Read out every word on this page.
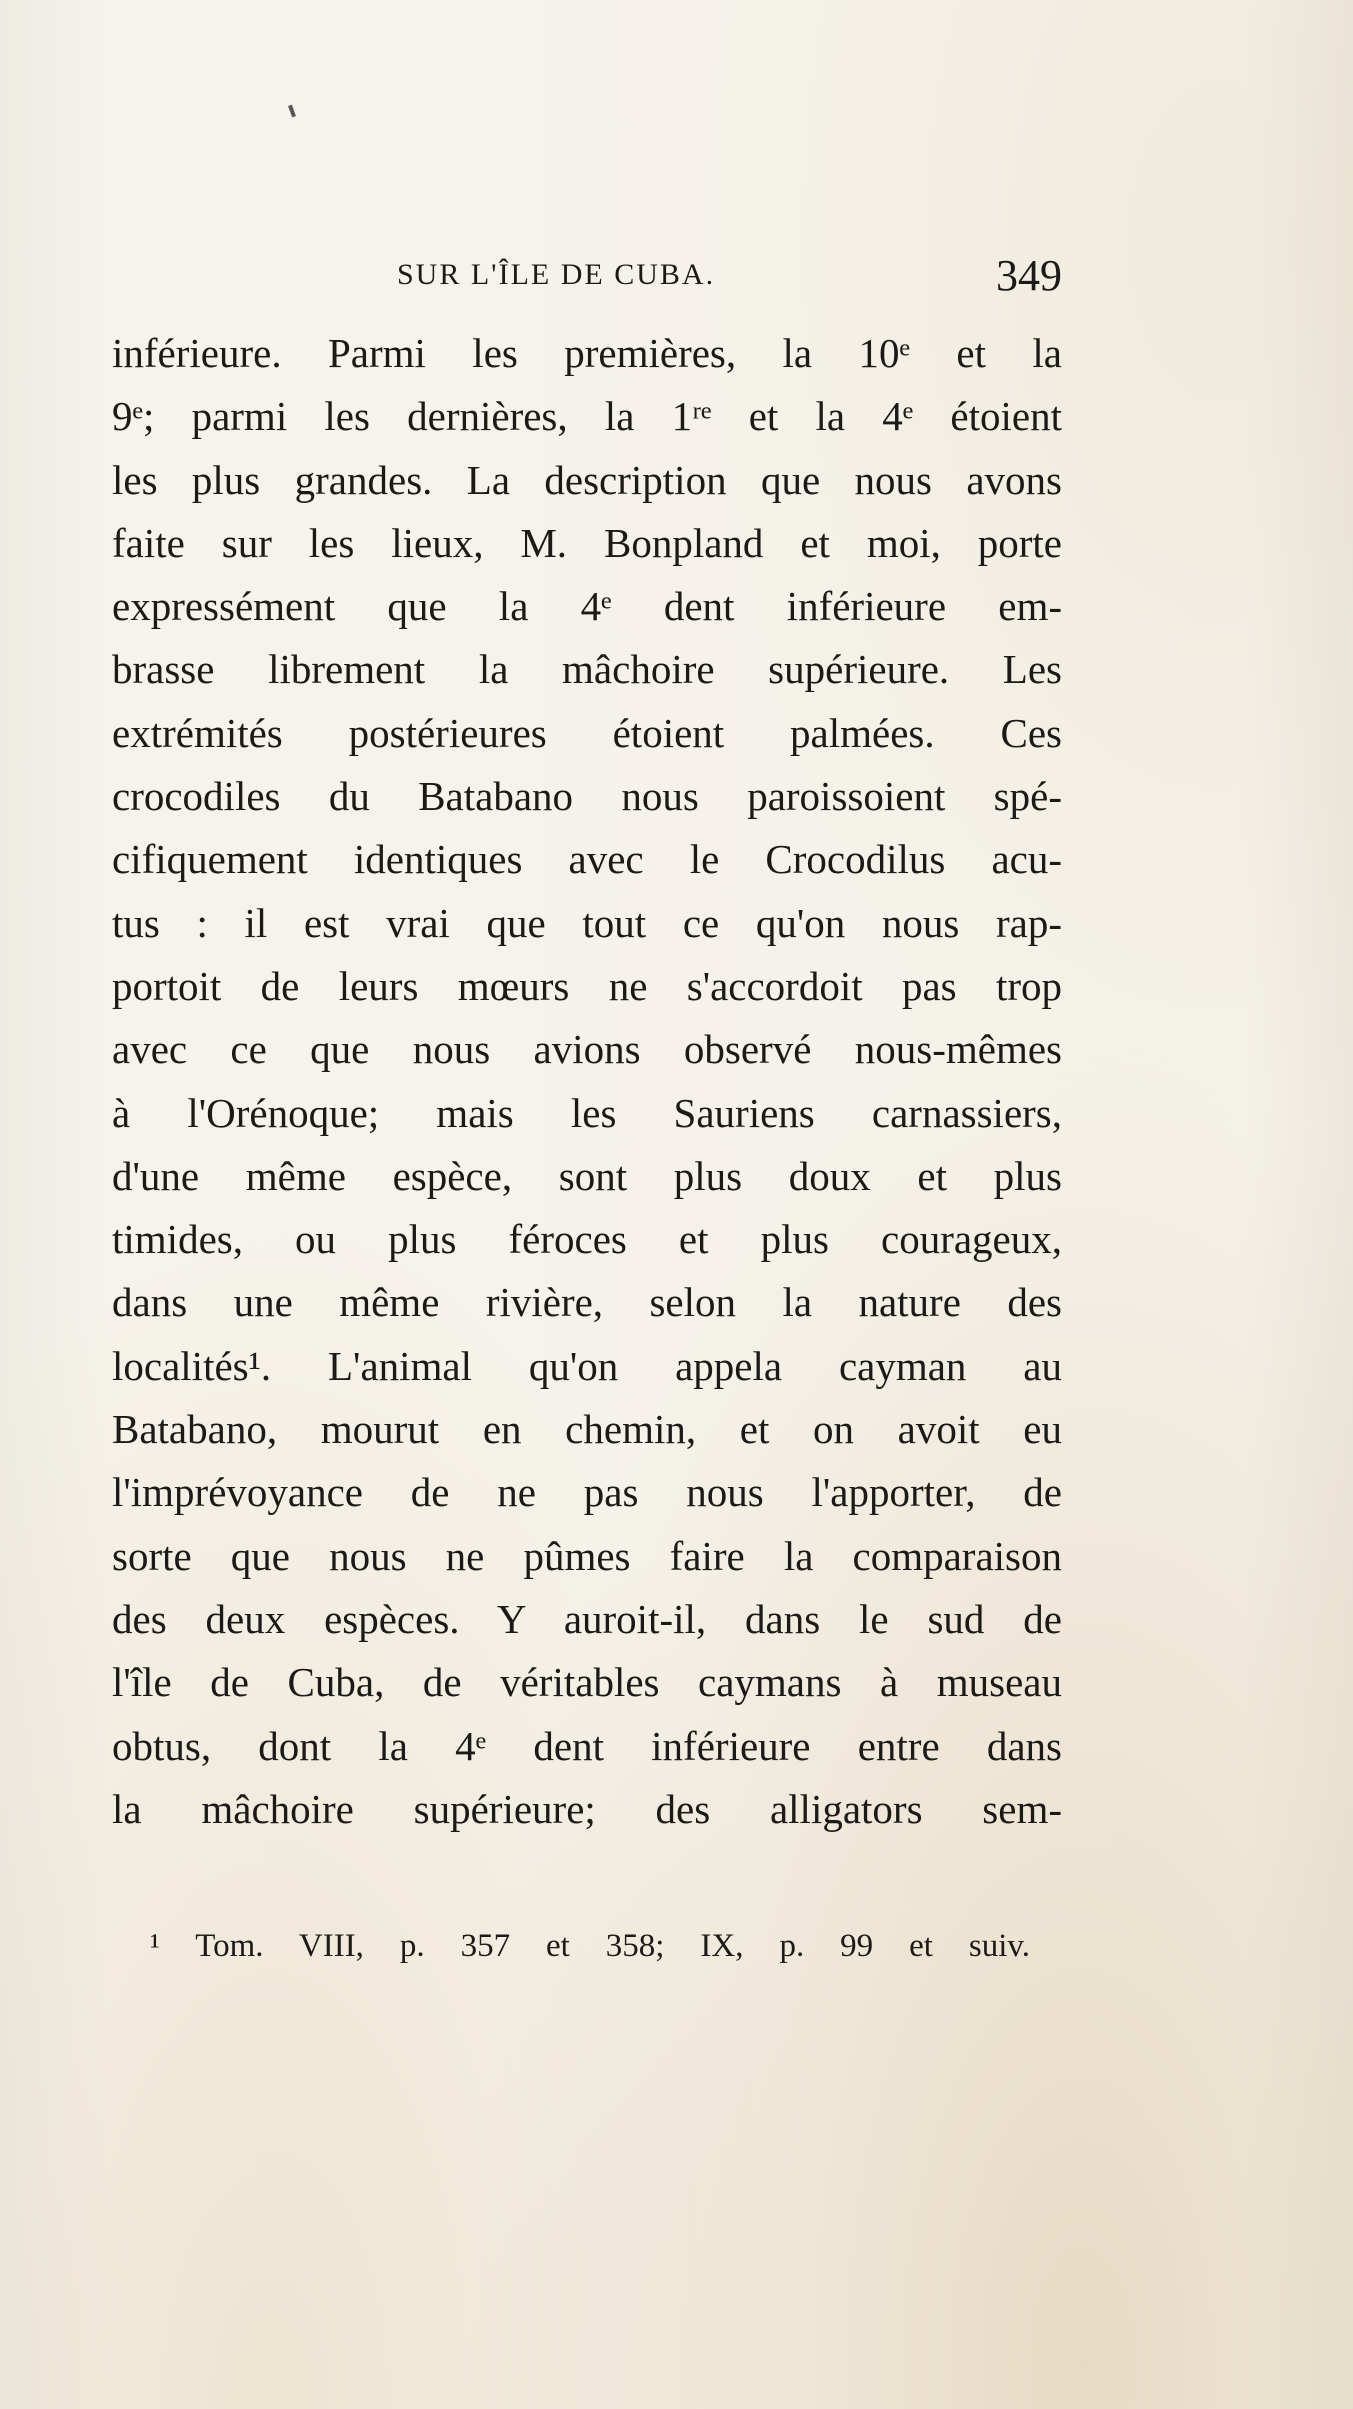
SUR L'ÎLE DE CUBA.	349
inférieure. Parmi les premières, la 10ᵉ et la
9ᵉ; parmi les dernières, la 1ʳᵉ et la 4ᵉ étoient
les plus grandes. La description que nous avons
faite sur les lieux, M. Bonpland et moi, porte
expressément que la 4ᵉ dent inférieure em-
brasse librement la mâchoire supérieure. Les
extrémités postérieures étoient palmées. Ces
crocodiles du Batabano nous paroissoient spé-
cifiquement identiques avec le Crocodilus acu-
tus : il est vrai que tout ce qu'on nous rap-
portoit de leurs mœurs ne s'accordoit pas trop
avec ce que nous avions observé nous-mêmes
à l'Orénoque; mais les Sauriens carnassiers,
d'une même espèce, sont plus doux et plus
timides, ou plus féroces et plus courageux,
dans une même rivière, selon la nature des
localités¹. L'animal qu'on appela cayman au
Batabano, mourut en chemin, et on avoit eu
l'imprévoyance de ne pas nous l'apporter, de
sorte que nous ne pûmes faire la comparaison
des deux espèces. Y auroit-il, dans le sud de
l'île de Cuba, de véritables caymans à museau
obtus, dont la 4ᵉ dent inférieure entre dans
la mâchoire supérieure; des alligators sem-
¹ Tom. VIII, p. 357 et 358; IX, p. 99 et suiv.
